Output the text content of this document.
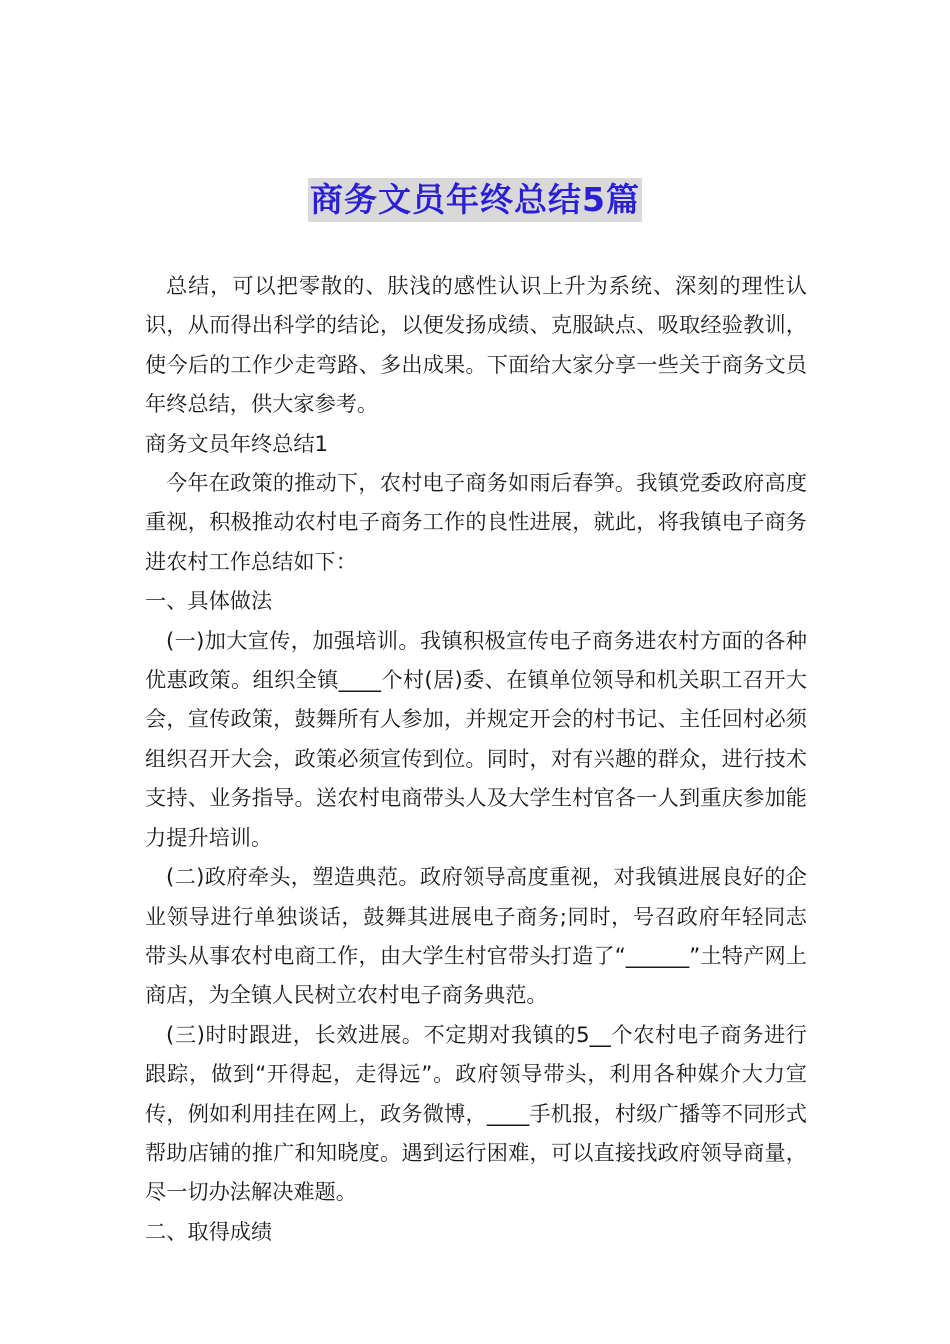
商务文员年终总结5篇

总结，可以把零散的、肤浅的感性认识上升为系统、深刻的理性认识，从而得出科学的结论，以便发扬成绩、克服缺点、吸取经验教训，使今后的工作少走弯路、多出成果。下面给大家分享一些关于商务文员年终总结，供大家参考。

商务文员年终总结1

今年在政策的推动下，农村电子商务如雨后春笋。我镇党委政府高度重视，积极推动农村电子商务工作的良性进展，就此，将我镇电子商务进农村工作总结如下：

一、具体做法

(一)加大宣传，加强培训。我镇积极宣传电子商务进农村方面的各种优惠政策。组织全镇____个村(居)委、在镇单位领导和机关职工召开大会，宣传政策，鼓舞所有人参加，并规定开会的村书记、主任回村必须组织召开大会，政策必须宣传到位。同时，对有兴趣的群众，进行技术支持、业务指导。送农村电商带头人及大学生村官各一人到重庆参加能力提升培训。

(二)政府牵头，塑造典范。政府领导高度重视，对我镇进展良好的企业领导进行单独谈话，鼓舞其进展电子商务;同时，号召政府年轻同志带头从事农村电商工作，由大学生村官带头打造了“______”土特产网上商店，为全镇人民树立农村电子商务典范。

(三)时时跟进，长效进展。不定期对我镇的5__个农村电子商务进行跟踪，做到“开得起，走得远”。政府领导带头，利用各种媒介大力宣传，例如利用挂在网上，政务微博，____手机报，村级广播等不同形式帮助店铺的推广和知晓度。遇到运行困难，可以直接找政府领导商量，尽一切办法解决难题。

二、取得成绩
